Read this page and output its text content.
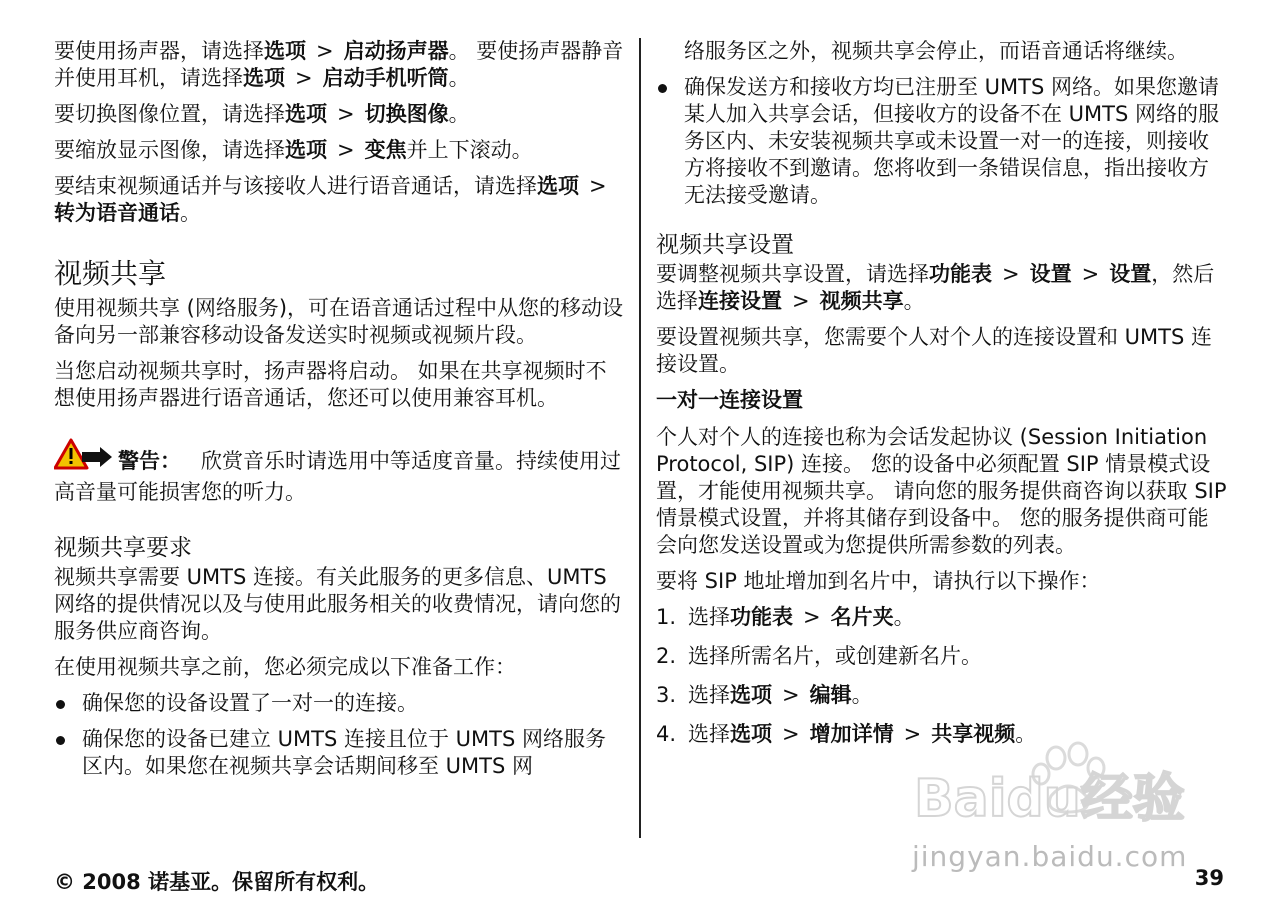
要使用扬声器，请选择选项 > 启动扬声器。 要使扬声器静音并使用耳机，请选择选项 > 启动手机听筒。

要切换图像位置，请选择选项 > 切换图像。

要缩放显示图像，请选择选项 > 变焦并上下滚动。

要结束视频通话并与该接收人进行语音通话，请选择选项 >转为语音通话。

视频共享

使用视频共享 (网络服务)，可在语音通话过程中从您的移动设备向另一部兼容移动设备发送实时视频或视频片段。

当您启动视频共享时，扬声器将启动。 如果在共享视频时不想使用扬声器进行语音通话，您还可以使用兼容耳机。

警告： 欣赏音乐时请选用中等适度音量。持续使用过高音量可能损害您的听力。

视频共享要求

视频共享需要 UMTS 连接。有关此服务的更多信息、UMTS 网络的提供情况以及与使用此服务相关的收费情况，请向您的服务供应商咨询。

在使用视频共享之前，您必须完成以下准备工作：

确保您的设备设置了一对一的连接。
确保您的设备已建立 UMTS 连接且位于 UMTS 网络服务区内。如果您在视频共享会话期间移至 UMTS 网

络服务区之外，视频共享会停止，而语音通话将继续。

确保发送方和接收方均已注册至 UMTS 网络。如果您邀请某人加入共享会话，但接收方的设备不在 UMTS 网络的服务区内、未安装视频共享或未设置一对一的连接，则接收方将接收不到邀请。您将收到一条错误信息，指出接收方无法接受邀请。
视频共享设置

要调整视频共享设置，请选择功能表 > 设置 > 设置，然后选择连接设置 > 视频共享。

要设置视频共享，您需要个人对个人的连接设置和 UMTS 连接设置。

一对一连接设置

个人对个人的连接也称为会话发起协议 (Session Initiation Protocol, SIP) 连接。 您的设备中必须配置 SIP 情景模式设置，才能使用视频共享。 请向您的服务提供商咨询以获取 SIP 情景模式设置，并将其储存到设备中。 您的服务提供商可能会向您发送设置或为您提供所需参数的列表。

要将 SIP 地址增加到名片中，请执行以下操作：

1. 选择功能表 > 名片夹。
2. 选择所需名片，或创建新名片。
3. 选择选项 > 编辑。
4. 选择选项 > 增加详情 > 共享视频。
Baidu经验
jingyan.baidu.com
© 2008 诺基亚。保留所有权利。	39
